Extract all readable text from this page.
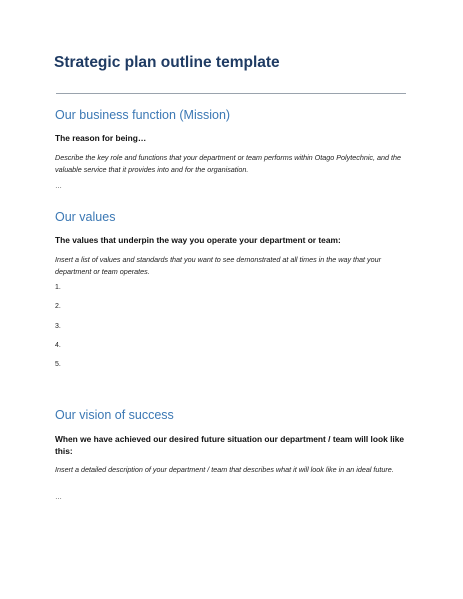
Strategic plan outline template
Our business function (Mission)
The reason for being…
Describe the key role and functions that your department or team performs within Otago Polytechnic, and the valuable service that it provides into and for the organisation.
…
Our values
The values that underpin the way you operate your department or team:
Insert a list of values and standards that you want to see demonstrated at all times in the way that your department or team operates.
1.
2.
3.
4.
5.
Our vision of success
When we have achieved our desired future situation our department / team will look like this:
Insert a detailed description of your department / team that describes what it will look like in an ideal future.
…
